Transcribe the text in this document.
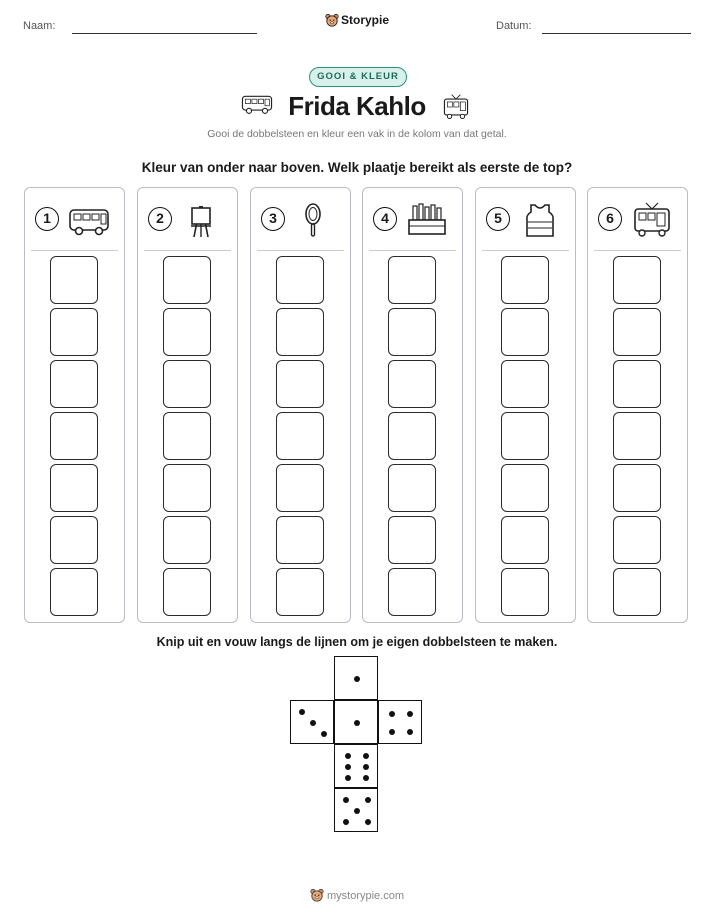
Naam:	Storypie	Datum:
GOOI & KLEUR
Frida Kahlo
Gooi de dobbelsteen en kleur een vak in de kolom van dat getal.
Kleur van onder naar boven. Welk plaatje bereikt als eerste de top?
1	2	3	4	5	6
Knip uit en vouw langs de lijnen om je eigen dobbelsteen te maken.
mystorypie.com
